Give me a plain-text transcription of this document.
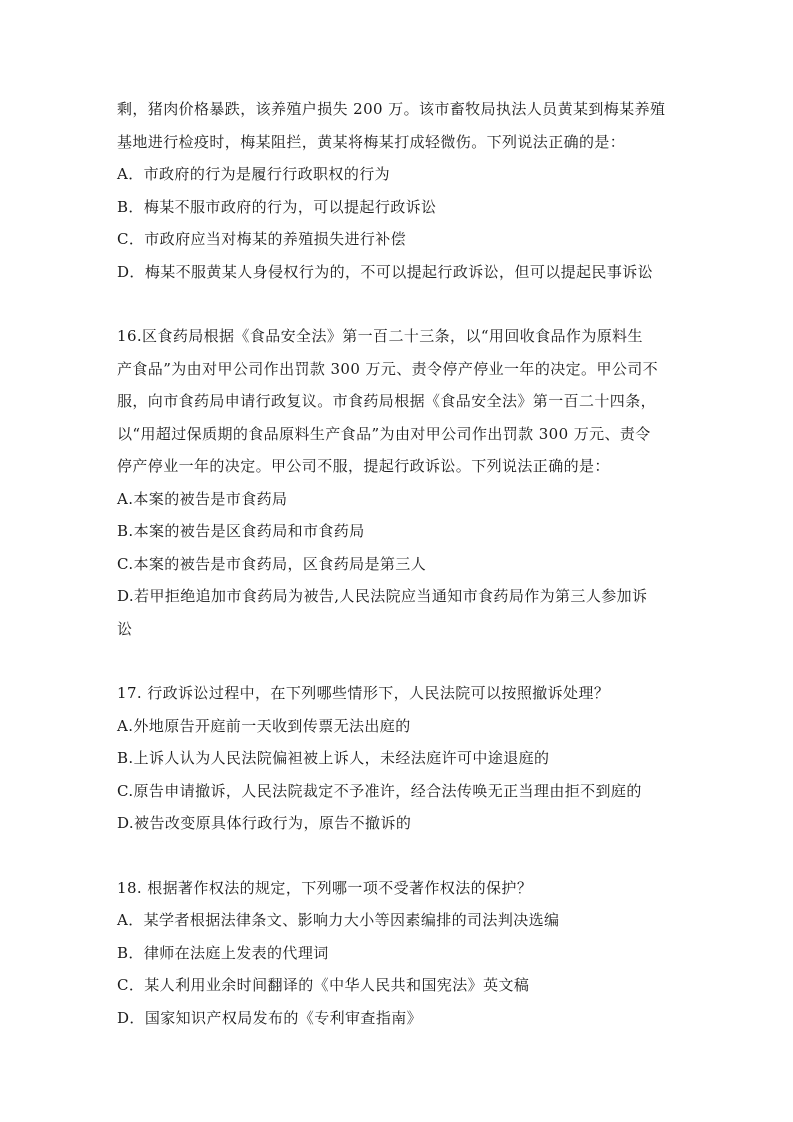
剩，猪肉价格暴跌，该养殖户损失 200 万。该市畜牧局执法人员黄某到梅某养殖
基地进行检疫时，梅某阻拦，黄某将梅某打成轻微伤。下列说法正确的是：
A．市政府的行为是履行行政职权的行为
B．梅某不服市政府的行为，可以提起行政诉讼
C．市政府应当对梅某的养殖损失进行补偿
D．梅某不服黄某人身侵权行为的，不可以提起行政诉讼，但可以提起民事诉讼
16.区食药局根据《食品安全法》第一百二十三条，以“用回收食品作为原料生
产食品”为由对甲公司作出罚款 300 万元、责令停产停业一年的决定。甲公司不
服，向市食药局申请行政复议。市食药局根据《食品安全法》第一百二十四条，
以“用超过保质期的食品原料生产食品”为由对甲公司作出罚款 300 万元、责令
停产停业一年的决定。甲公司不服，提起行政诉讼。下列说法正确的是：
A.本案的被告是市食药局
B.本案的被告是区食药局和市食药局
C.本案的被告是市食药局，区食药局是第三人
D.若甲拒绝追加市食药局为被告,人民法院应当通知市食药局作为第三人参加诉
讼
17. 行政诉讼过程中，在下列哪些情形下，人民法院可以按照撤诉处理？
A.外地原告开庭前一天收到传票无法出庭的
B.上诉人认为人民法院偏袒被上诉人，未经法庭许可中途退庭的
C.原告申请撤诉，人民法院裁定不予准许，经合法传唤无正当理由拒不到庭的
D.被告改变原具体行政行为，原告不撤诉的
18. 根据著作权法的规定，下列哪一项不受著作权法的保护？
A．某学者根据法律条文、影响力大小等因素编排的司法判决选编
B．律师在法庭上发表的代理词
C．某人利用业余时间翻译的《中华人民共和国宪法》英文稿
D．国家知识产权局发布的《专利审查指南》
